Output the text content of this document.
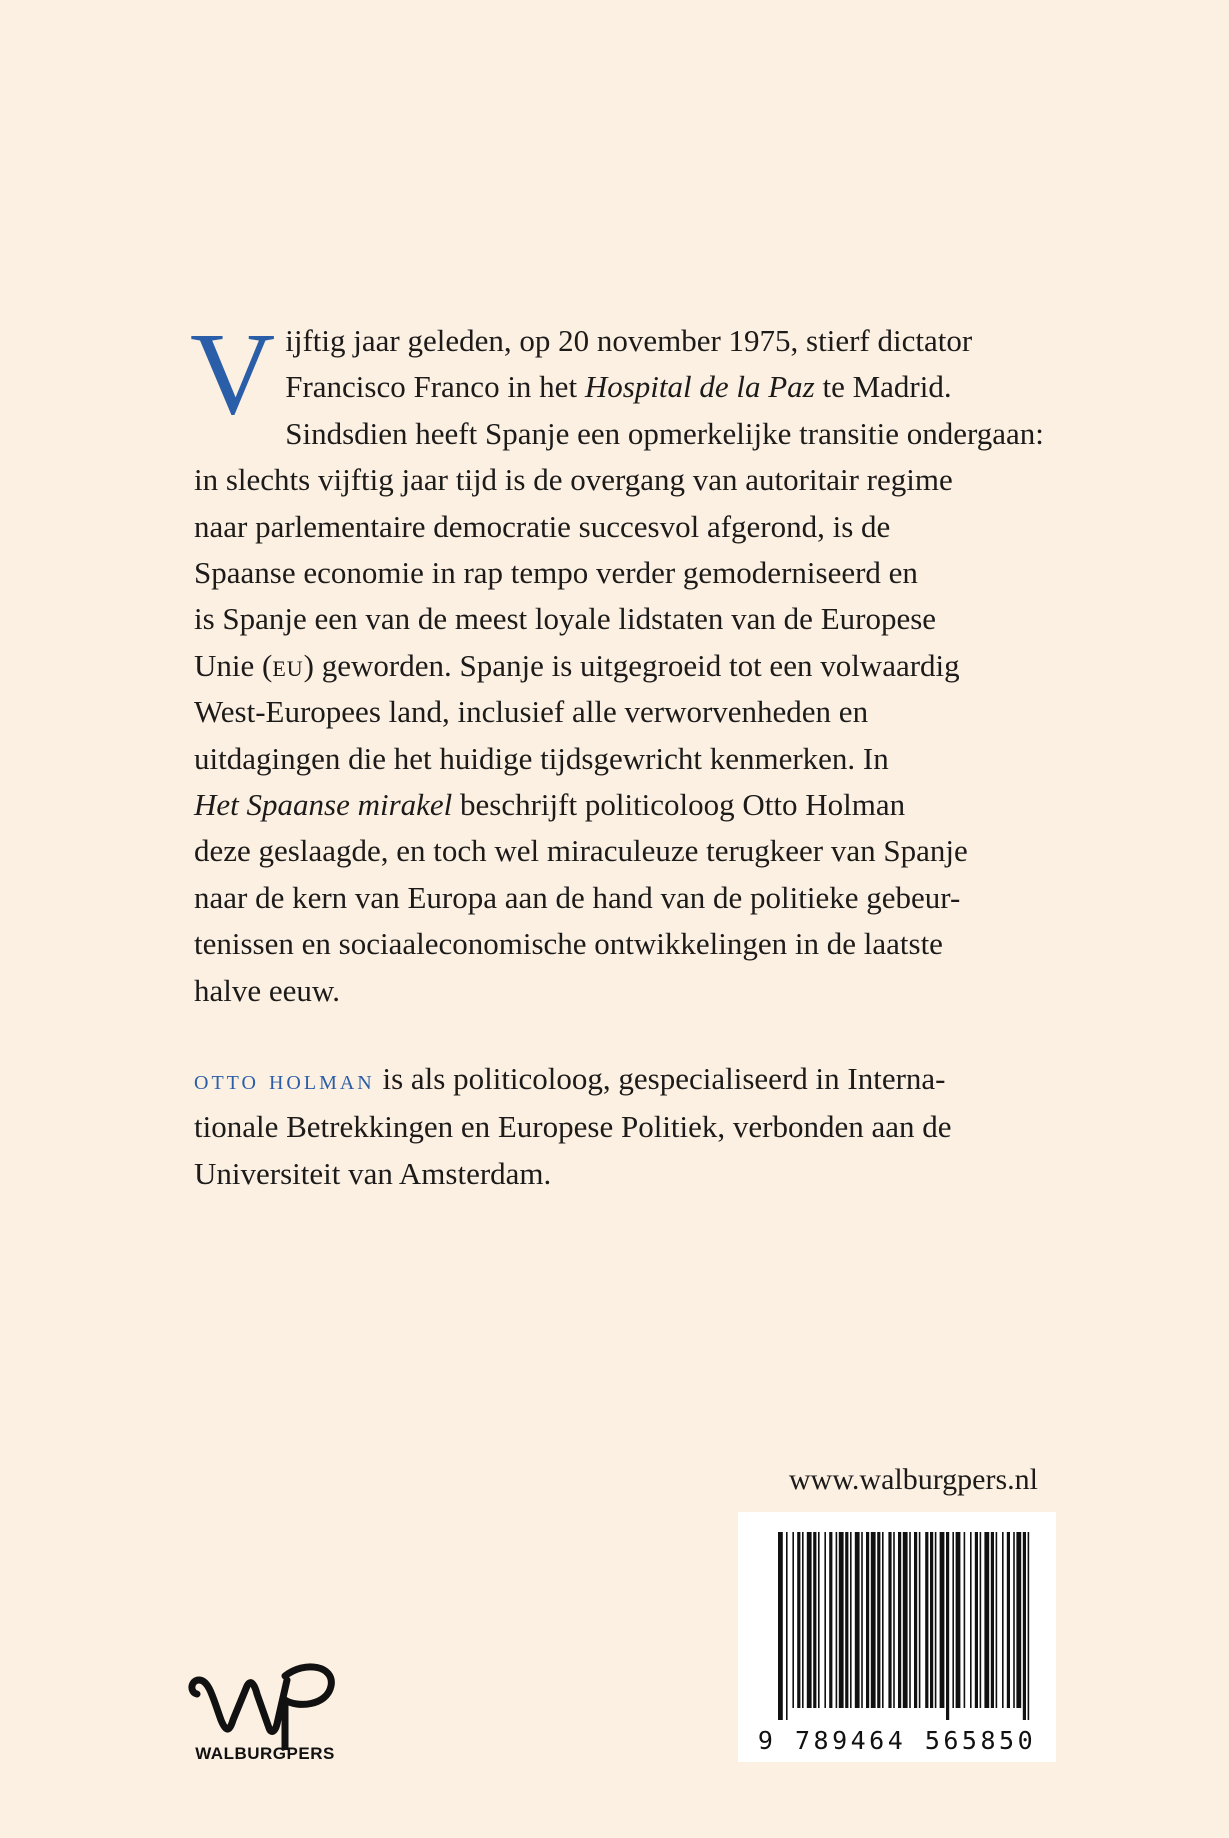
V ijftig jaar geleden, op 20 november 1975, stierf dictator
Francisco Franco in het Hospital de la Paz te Madrid.
Sindsdien heeft Spanje een opmerkelijke transitie ondergaan:
in slechts vijftig jaar tijd is de overgang van autoritair regime
naar parlementaire democratie succesvol afgerond, is de
Spaanse economie in rap tempo verder gemoderniseerd en
is Spanje een van de meest loyale lidstaten van de Europese
Unie (eu) geworden. Spanje is uitgegroeid tot een volwaardig
West-Europees land, inclusief alle verworvenheden en
uitdagingen die het huidige tijdsgewricht kenmerken. In
Het Spaanse mirakel beschrijft politicoloog Otto Holman
deze geslaagde, en toch wel miraculeuze terugkeer van Spanje
naar de kern van Europa aan de hand van de politieke gebeur-
tenissen en sociaaleconomische ontwikkelingen in de laatste
halve eeuw.
otto holman is als politicoloog, gespecialiseerd in Interna-
tionale Betrekkingen en Europese Politiek, verbonden aan de
Universiteit van Amsterdam.
www.walburgpers.nl
9 789464 565850
WALBURGPERS
